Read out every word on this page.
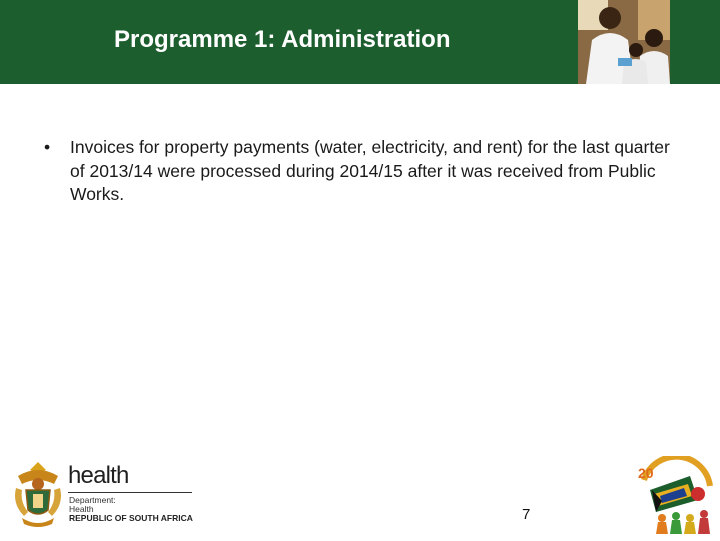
Programme 1: Administration
•	Invoices for property payments (water, electricity, and rent) for the last quarter of 2013/14 were processed during 2014/15 after it was received from Public Works.
health
Department:
Health
REPUBLIC OF SOUTH AFRICA	7
20
